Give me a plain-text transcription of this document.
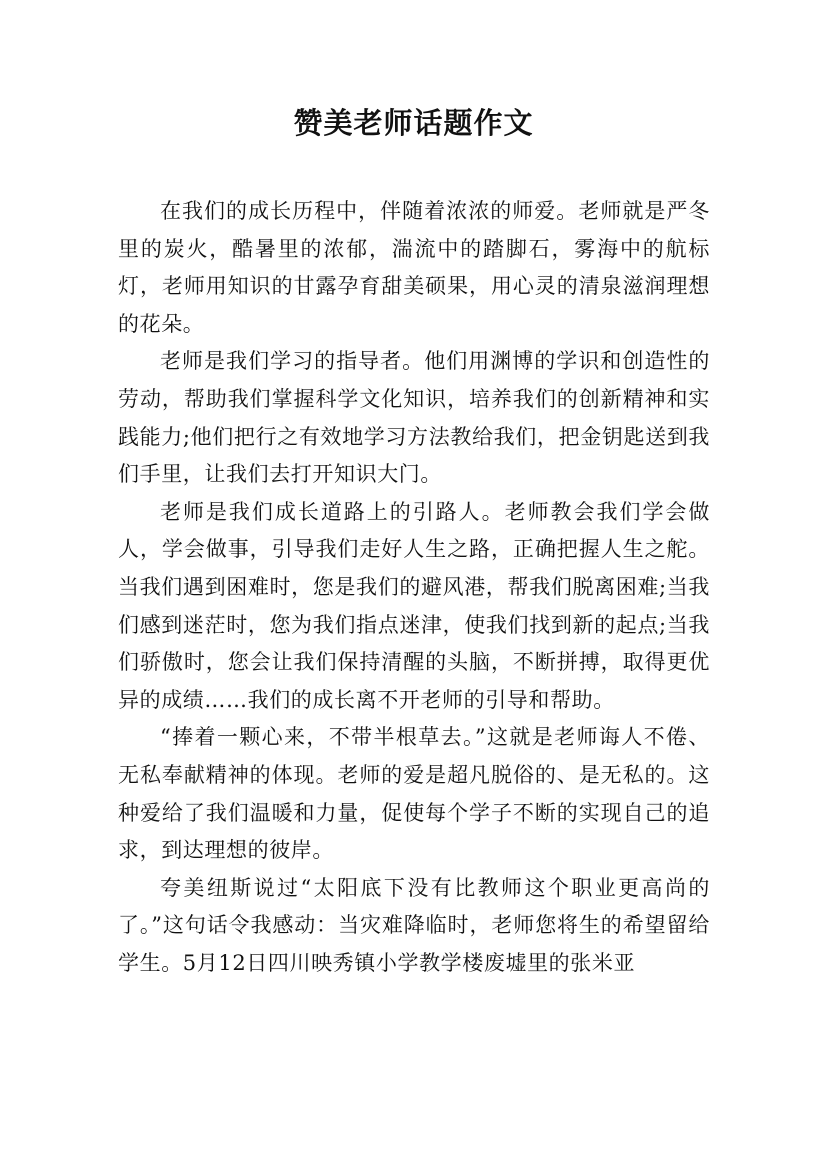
赞美老师话题作文

在我们的成长历程中，伴随着浓浓的师爱。老师就是严冬里的炭火，酷暑里的浓郁，湍流中的踏脚石，雾海中的航标灯，老师用知识的甘露孕育甜美硕果，用心灵的清泉滋润理想的花朵。

老师是我们学习的指导者。他们用渊博的学识和创造性的劳动，帮助我们掌握科学文化知识，培养我们的创新精神和实践能力;他们把行之有效地学习方法教给我们，把金钥匙送到我们手里，让我们去打开知识大门。

老师是我们成长道路上的引路人。老师教会我们学会做人，学会做事，引导我们走好人生之路，正确把握人生之舵。当我们遇到困难时，您是我们的避风港，帮我们脱离困难;当我们感到迷茫时，您为我们指点迷津，使我们找到新的起点;当我们骄傲时，您会让我们保持清醒的头脑，不断拼搏，取得更优异的成绩……我们的成长离不开老师的引导和帮助。

“捧着一颗心来，不带半根草去。”这就是老师诲人不倦、无私奉献精神的体现。老师的爱是超凡脱俗的、是无私的。这种爱给了我们温暖和力量，促使每个学子不断的实现自己的追求，到达理想的彼岸。

夸美纽斯说过“太阳底下没有比教师这个职业更高尚的了。”这句话令我感动：当灾难降临时，老师您将生的希望留给学生。5月12日四川映秀镇小学教学楼废墟里的张米亚
